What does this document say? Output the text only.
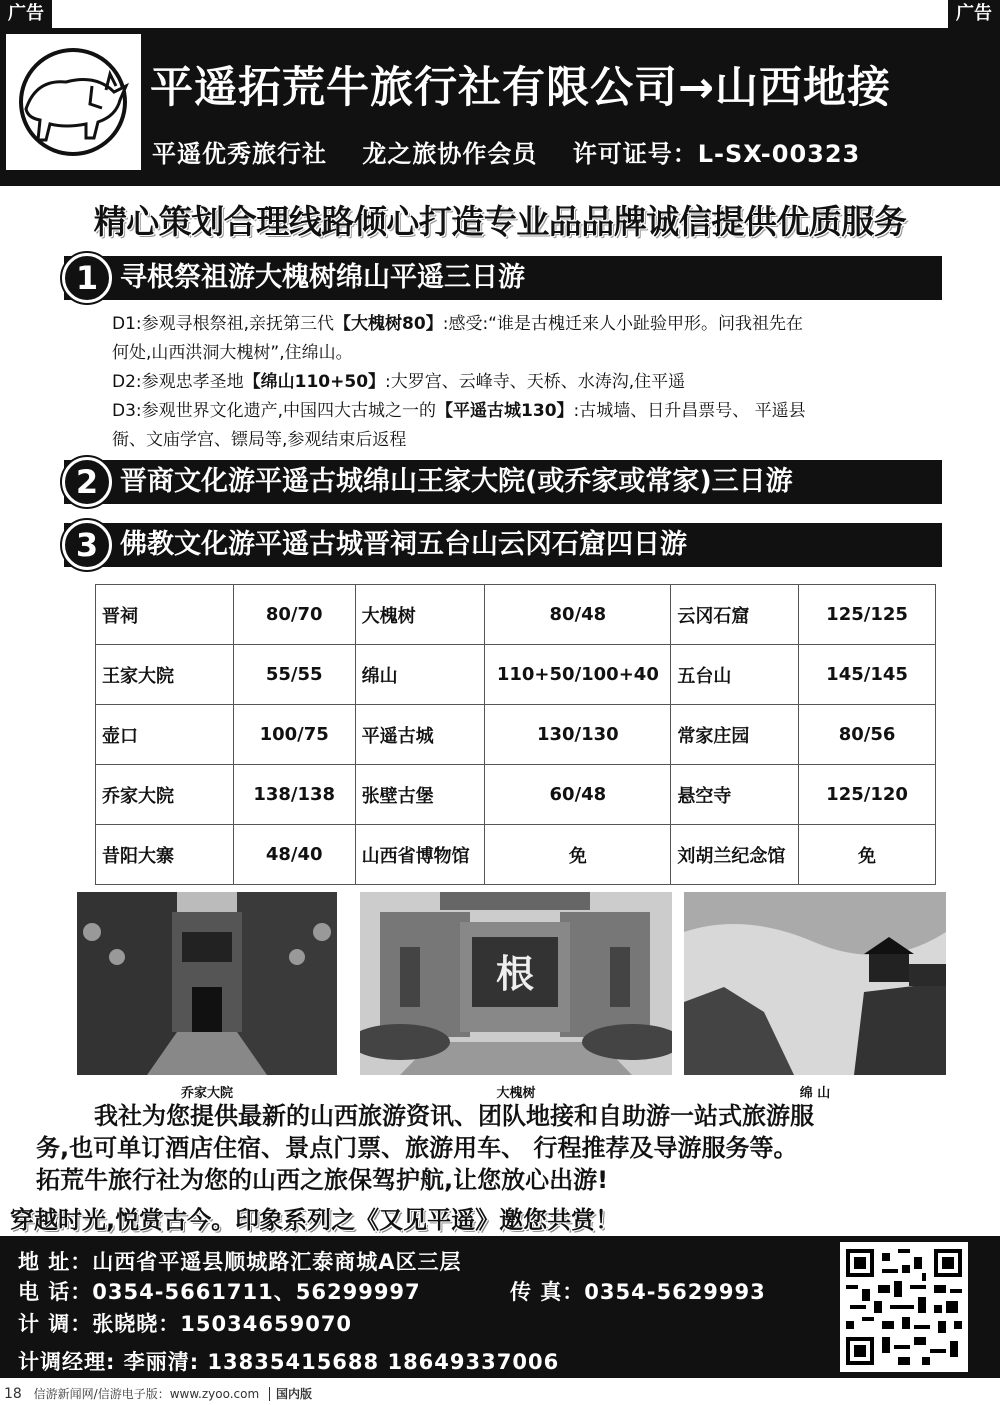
广告	广告
平遥拓荒牛旅行社有限公司→山西地接
平遥优秀旅行社 龙之旅协作会员 许可证号：L-SX-00323
精心策划合理线路倾心打造专业品品牌诚信提供优质服务
寻根祭祖游大槐树绵山平遥三日游
1
D1:参观寻根祭祖,亲抚第三代【大槐树80】:感受:“谁是古槐迁来人小趾验甲形。问我祖先在
何处,山西洪洞大槐树”,住绵山。
D2:参观忠孝圣地【绵山110+50】:大罗宫、云峰寺、天桥、水涛沟,住平遥
D3:参观世界文化遗产,中国四大古城之一的【平遥古城130】:古城墙、日升昌票号、 平遥县
衙、文庙学宫、镖局等,参观结束后返程
晋商文化游平遥古城绵山王家大院(或乔家或常家)三日游
2
佛教文化游平遥古城晋祠五台山云冈石窟四日游
3
晋祠	80/70	大槐树	80/48	云冈石窟	125/125
王家大院	55/55	绵山	110+50/100+40	五台山	145/145
壶口	100/75	平遥古城	130/130	常家庄园	80/56
乔家大院	138/138	张壁古堡	60/48	悬空寺	125/120
昔阳大寨	48/40	山西省博物馆	免	刘胡兰纪念馆	免
根
乔家大院	大槐树	绵 山
我社为您提供最新的山西旅游资讯、团队地接和自助游一站式旅游服
务,也可单订酒店住宿、景点门票、旅游用车、 行程推荐及导游服务等。
拓荒牛旅行社为您的山西之旅保驾护航,让您放心出游!
穿越时光,悦赏古今。印象系列之《又见平遥》邀您共赏！
地 址：山西省平遥县顺城路汇泰商城A区三层
电 话：0354-5661711、56299997	传 真：0354-5629993
计 调：张晓晓：15034659070
计调经理: 李丽清: 13835415688 18649337006
18 信游新闻网/信游电子版：www.zyoo.com 国内版
